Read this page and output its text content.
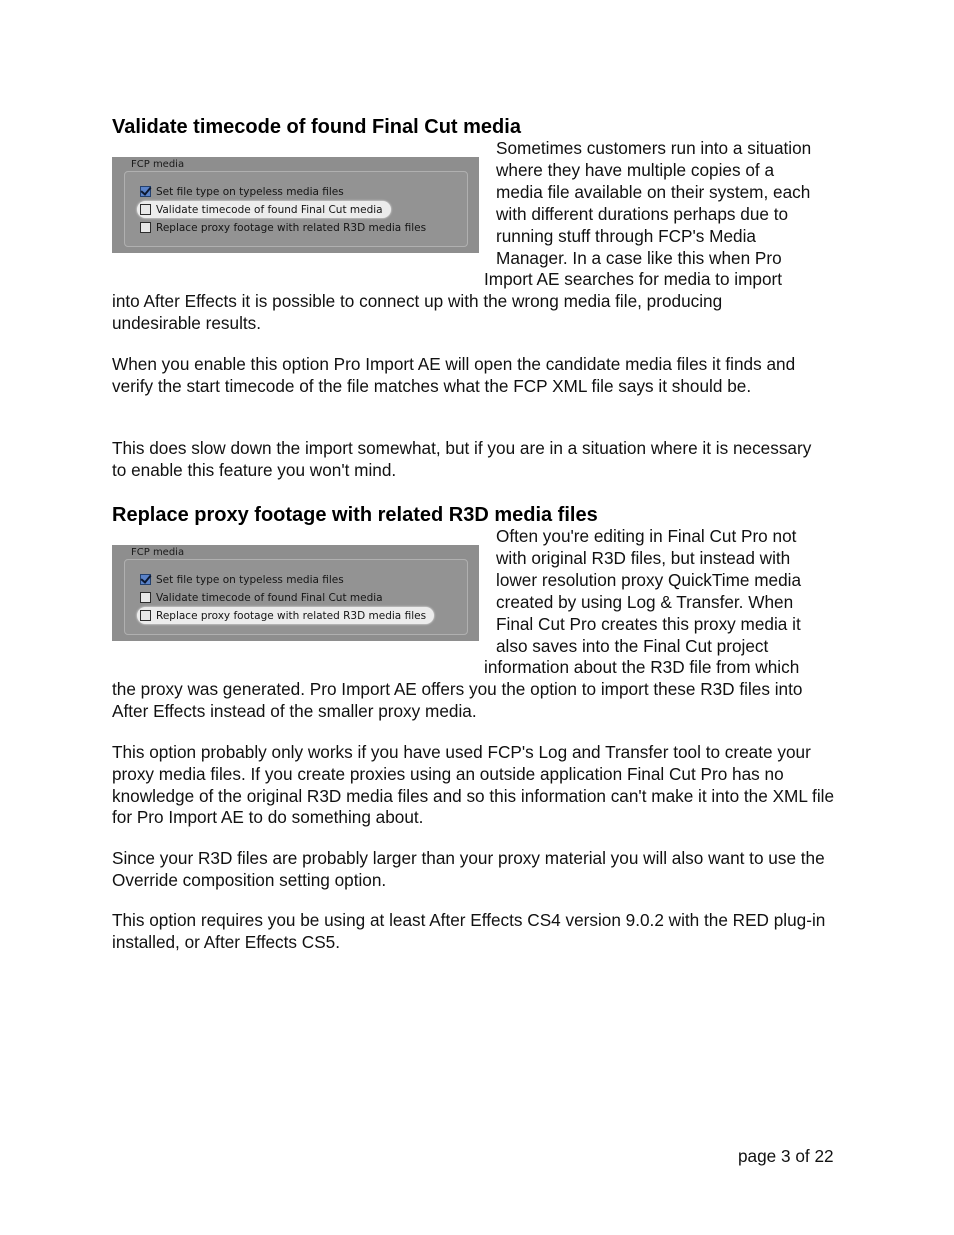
Validate timecode of found Final Cut media
FCP media
Set file type on typeless media files
Validate timecode of found Final Cut media
Replace proxy footage with related R3D media files
Sometimes customers run into a situation
where they have multiple copies of a
media file available on their system, each
with different durations perhaps due to
running stuff through FCP's Media
Manager. In a case like this when Pro
Import AE searches for media to import

into After Effects it is possible to connect up with the wrong media file, producing undesirable results.

When you enable this option Pro Import AE will open the candidate media files it finds and verify the start timecode of the file matches what the FCP XML file says it should be.

This does slow down the import somewhat, but if you are in a situation where it is necessary to enable this feature you won't mind.

Replace proxy footage with related R3D media files
FCP media
Set file type on typeless media files
Validate timecode of found Final Cut media
Replace proxy footage with related R3D media files
Often you're editing in Final Cut Pro not
with original R3D files, but instead with
lower resolution proxy QuickTime media
created by using Log & Transfer. When
Final Cut Pro creates this proxy media it
also saves into the Final Cut project
information about the R3D file from which

the proxy was generated. Pro Import AE offers you the option to import these R3D files into After Effects instead of the smaller proxy media.

This option probably only works if you have used FCP's Log and Transfer tool to create your proxy media files. If you create proxies using an outside application Final Cut Pro has no knowledge of the original R3D media files and so this information can't make it into the XML file for Pro Import AE to do something about.

Since your R3D files are probably larger than your proxy material you will also want to use the Override composition setting option.

This option requires you be using at least After Effects CS4 version 9.0.2 with the RED plug-in installed, or After Effects CS5.

page 3 of 22
